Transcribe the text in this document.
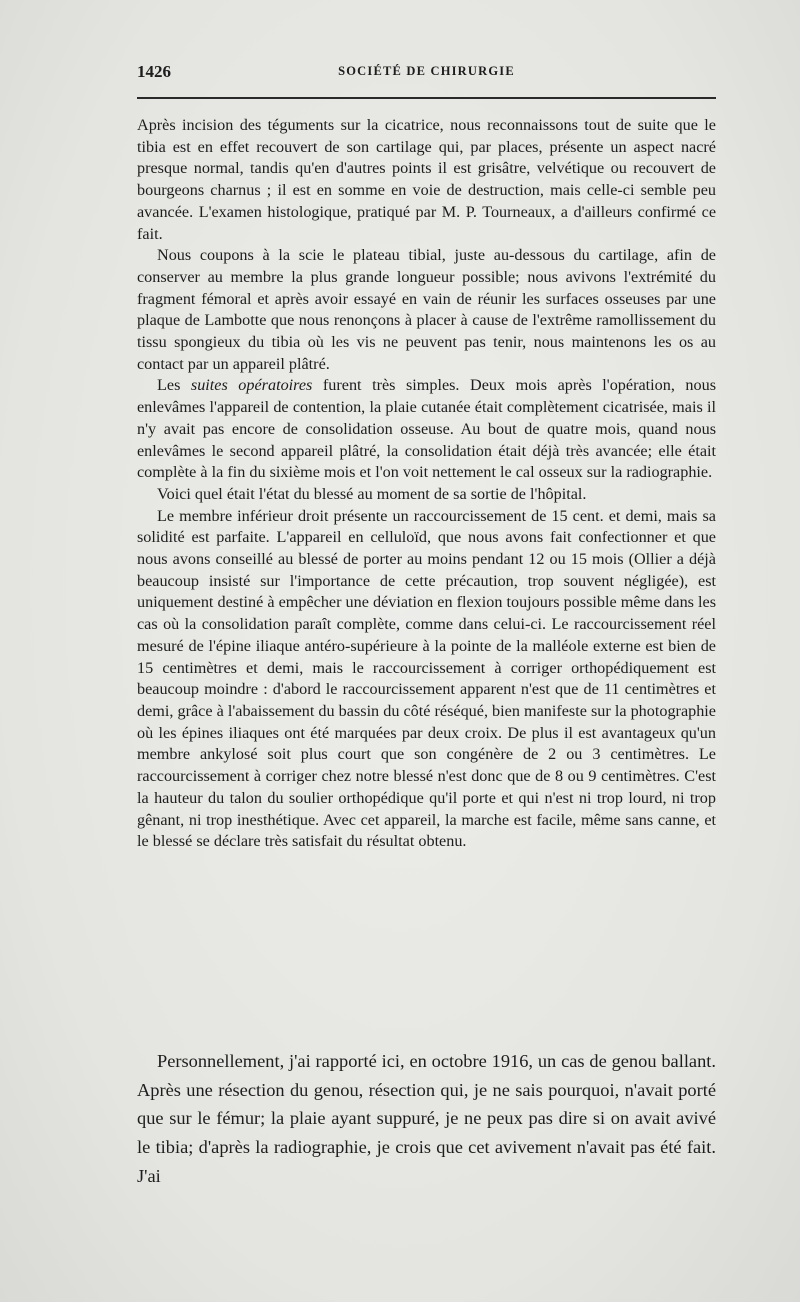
1426	SOCIÉTÉ DE CHIRURGIE

Après incision des téguments sur la cicatrice, nous reconnaissons tout de suite que le tibia est en effet recouvert de son cartilage qui, par places, présente un aspect nacré presque normal, tandis qu'en d'autres points il est grisâtre, velvétique ou recouvert de bourgeons charnus ; il est en somme en voie de destruction, mais celle-ci semble peu avancée. L'examen histologique, pratiqué par M. P. Tourneaux, a d'ailleurs confirmé ce fait.

Nous coupons à la scie le plateau tibial, juste au-dessous du cartilage, afin de conserver au membre la plus grande longueur possible; nous avivons l'extrémité du fragment fémoral et après avoir essayé en vain de réunir les surfaces osseuses par une plaque de Lambotte que nous renonçons à placer à cause de l'extrême ramollissement du tissu spongieux du tibia où les vis ne peuvent pas tenir, nous maintenons les os au contact par un appareil plâtré.

Les suites opératoires furent très simples. Deux mois après l'opération, nous enlevâmes l'appareil de contention, la plaie cutanée était complètement cicatrisée, mais il n'y avait pas encore de consolidation osseuse. Au bout de quatre mois, quand nous enlevâmes le second appareil plâtré, la consolidation était déjà très avancée; elle était complète à la fin du sixième mois et l'on voit nettement le cal osseux sur la radiographie.

Voici quel était l'état du blessé au moment de sa sortie de l'hôpital.

Le membre inférieur droit présente un raccourcissement de 15 cent. et demi, mais sa solidité est parfaite. L'appareil en celluloïd, que nous avons fait confectionner et que nous avons conseillé au blessé de porter au moins pendant 12 ou 15 mois (Ollier a déjà beaucoup insisté sur l'importance de cette précaution, trop souvent négligée), est uniquement destiné à empêcher une déviation en flexion toujours possible même dans les cas où la consolidation paraît complète, comme dans celui-ci. Le raccourcissement réel mesuré de l'épine iliaque antéro-supérieure à la pointe de la malléole externe est bien de 15 centimètres et demi, mais le raccourcissement à corriger orthopédiquement est beaucoup moindre : d'abord le raccourcissement apparent n'est que de 11 centimètres et demi, grâce à l'abaissement du bassin du côté réséqué, bien manifeste sur la photographie où les épines iliaques ont été marquées par deux croix. De plus il est avantageux qu'un membre ankylosé soit plus court que son congénère de 2 ou 3 centimètres. Le raccourcissement à corriger chez notre blessé n'est donc que de 8 ou 9 centimètres. C'est la hauteur du talon du soulier orthopédique qu'il porte et qui n'est ni trop lourd, ni trop gênant, ni trop inesthétique. Avec cet appareil, la marche est facile, même sans canne, et le blessé se déclare très satisfait du résultat obtenu.

Personnellement, j'ai rapporté ici, en octobre 1916, un cas de genou ballant. Après une résection du genou, résection qui, je ne sais pourquoi, n'avait porté que sur le fémur; la plaie ayant suppuré, je ne peux pas dire si on avait avivé le tibia; d'après la radiographie, je crois que cet avivement n'avait pas été fait. J'ai
